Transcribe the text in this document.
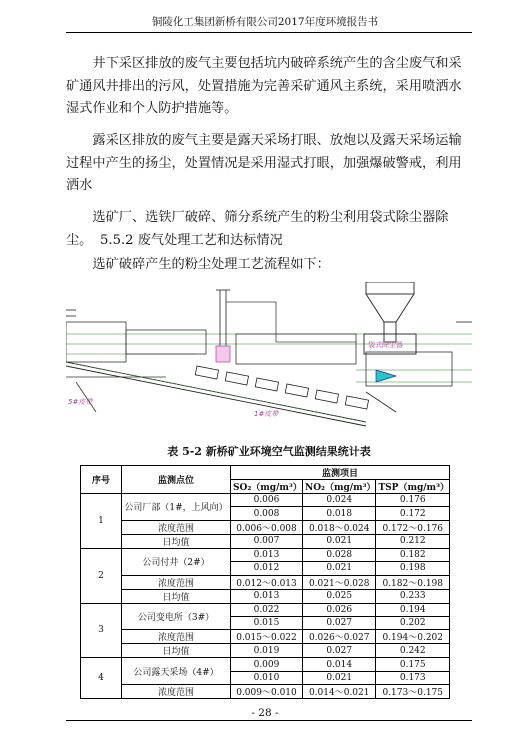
铜陵化工集团新桥有限公司2017年度环境报告书

井下采区排放的废气主要包括坑内破碎系统产生的含尘废气和采矿通风井排出的污风，处置措施为完善采矿通风主系统，采用喷洒水湿式作业和个人防护措施等。

露采区排放的废气主要是露天采场打眼、放炮以及露天采场运输过程中产生的扬尘，处置情况是采用湿式打眼，加强爆破警戒，利用洒水

选矿厂、选铁厂破碎、筛分系统产生的粉尘利用袋式除尘器除尘。 5.5.2 废气处理工艺和达标情况

选矿破碎产生的粉尘处理工艺流程如下：

袋式除尘器
1#皮带
5#皮带
表 5-2 新桥矿业环境空气监测结果统计表
序号	监测点位	监测项目		
		SO₂（mg/m³）	NO₂（mg/m³）	TSP（mg/m³）
1	公司厂部（1#，上风向）	0.006	0.024	0.176
		0.008	0.018	0.172
	浓度范围	0.006～0.008	0.018～0.024	0.172～0.176
	日均值	0.007	0.021	0.212
2	公司付井（2#）	0.013	0.028	0.182
		0.012	0.021	0.198
	浓度范围	0.012～0.013	0.021～0.028	0.182～0.198
	日均值	0.013	0.025	0.233
3	公司变电所（3#）	0.022	0.026	0.194
		0.015	0.027	0.202
	浓度范围	0.015～0.022	0.026～0.027	0.194～0.202
	日均值	0.019	0.027	0.242
4	公司露天采场（4#）	0.009	0.014	0.175
		0.010	0.021	0.173
	浓度范围	0.009～0.010	0.014～0.021	0.173～0.175
- 28 -
